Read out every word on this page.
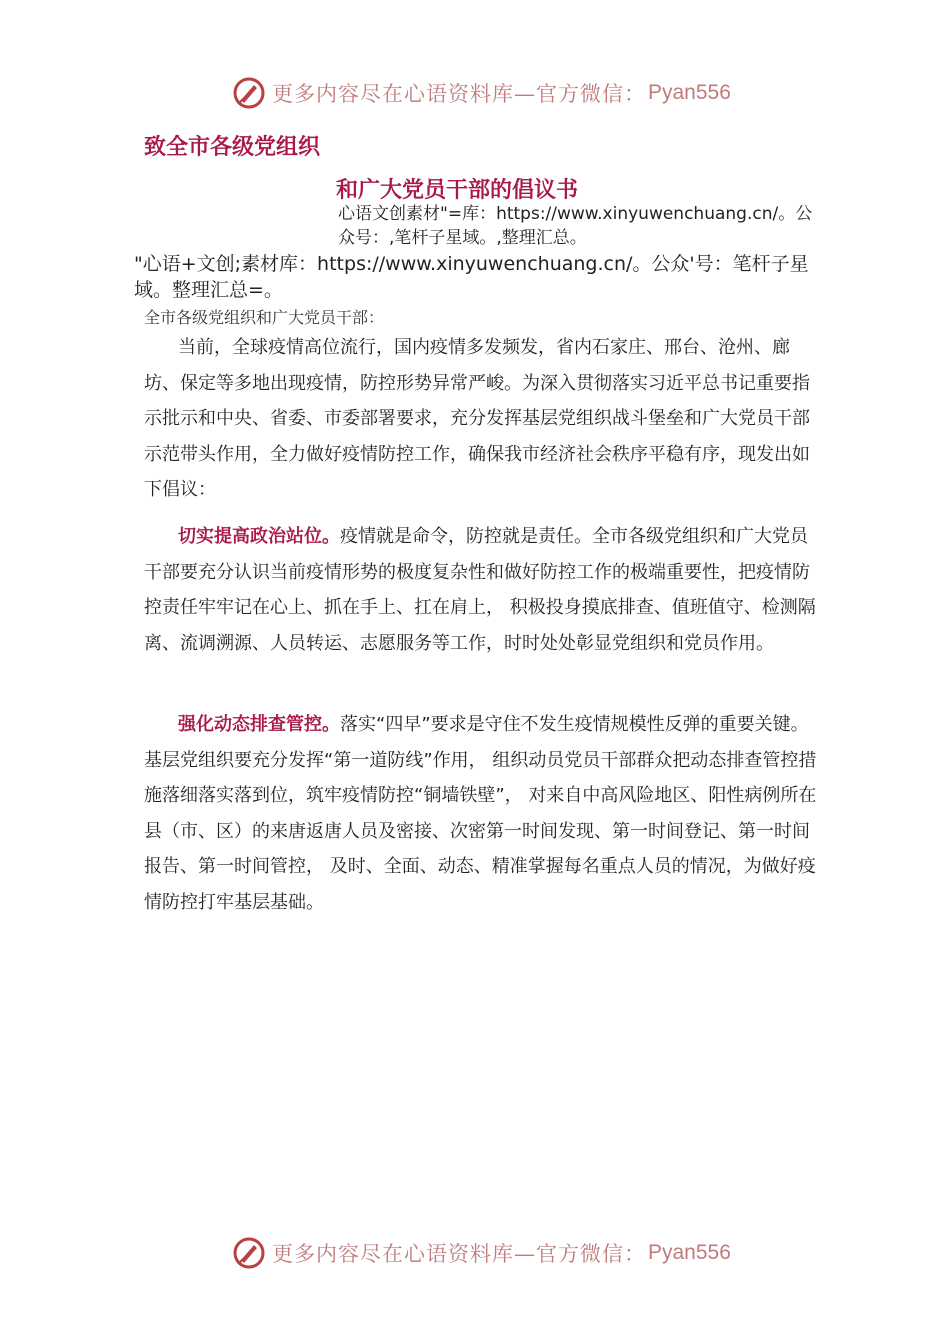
更多内容尽在心语资料库—官方微信： Pyan556
致全市各级党组织
和广大党员干部的倡议书
心语文创素材"=库：https://www.xinyuwenchuang.cn/。公众号：,笔杆子星域。,整理汇总。
"心语+文创;素材库：https://www.xinyuwenchuang.cn/。公众'号：笔杆子星域。整理汇总=。
全市各级党组织和广大党员干部：

当前，全球疫情高位流行，国内疫情多发频发，省内石家庄、邢台、沧州、廊坊、保定等多地出现疫情，防控形势异常严峻。为深入贯彻落实习近平总书记重要指示批示和中央、省委、市委部署要求，充分发挥基层党组织战斗堡垒和广大党员干部示范带头作用，全力做好疫情防控工作，确保我市经济社会秩序平稳有序，现发出如下倡议：

切实提高政治站位。疫情就是命令，防控就是责任。全市各级党组织和广大党员干部要充分认识当前疫情形势的极度复杂性和做好防控工作的极端重要性，把疫情防控责任牢牢记在心上、抓在手上、扛在肩上， 积极投身摸底排查、值班值守、检测隔离、流调溯源、人员转运、志愿服务等工作，时时处处彰显党组织和党员作用。

强化动态排查管控。落实“四早”要求是守住不发生疫情规模性反弹的重要关键。基层党组织要充分发挥“第一道防线”作用， 组织动员党员干部群众把动态排查管控措施落细落实落到位，筑牢疫情防控“铜墙铁壁”， 对来自中高风险地区、阳性病例所在县（市、区）的来唐返唐人员及密接、次密第一时间发现、第一时间登记、第一时间报告、第一时间管控， 及时、全面、动态、精准掌握每名重点人员的情况，为做好疫情防控打牢基层基础。

更多内容尽在心语资料库—官方微信： Pyan556
